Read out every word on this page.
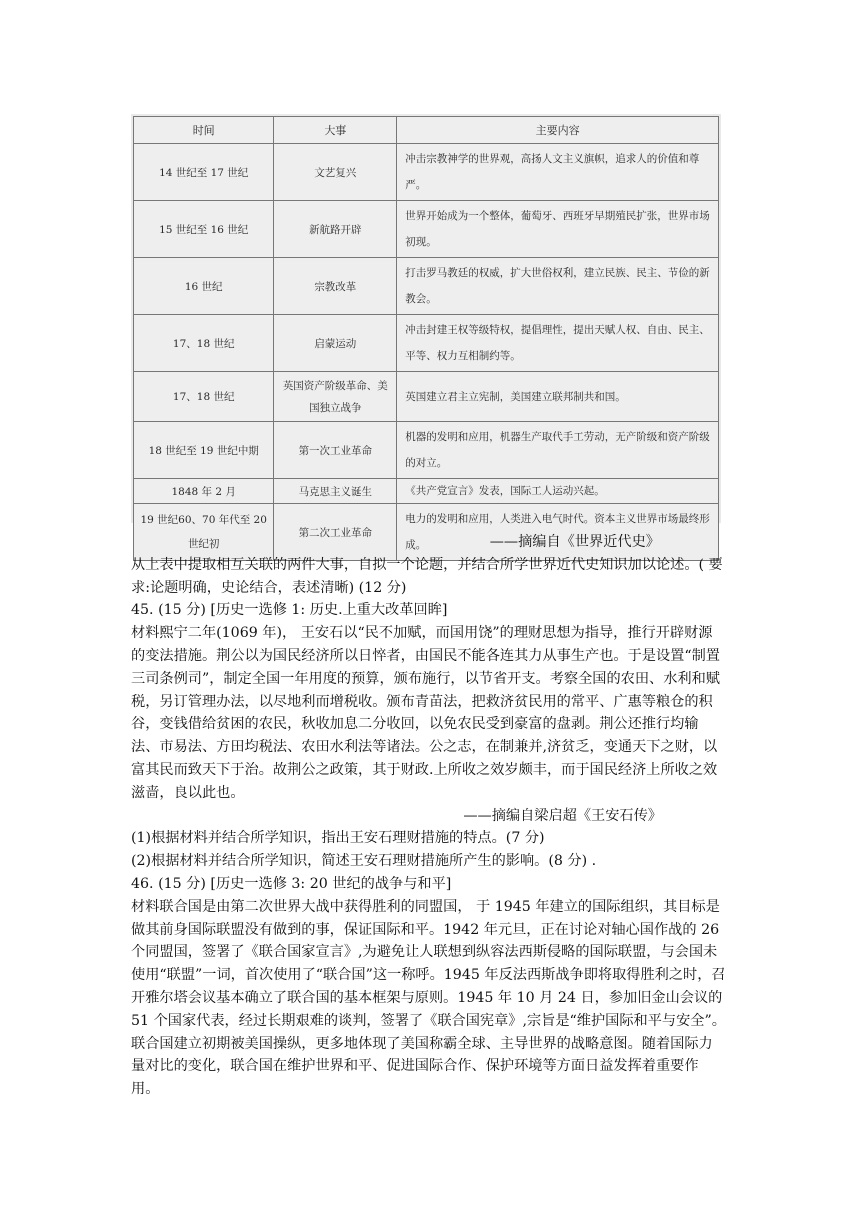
时间	大事	主要内容
14 世纪至 17 世纪	文艺复兴	冲击宗教神学的世界观，高扬人文主义旗帜，追求人的价值和尊严。
15 世纪至 16 世纪	新航路开辟	世界开始成为一个整体，葡萄牙、西班牙早期殖民扩张，世界市场初现。
16 世纪	宗教改革	打击罗马教廷的权威，扩大世俗权利，建立民族、民主、节俭的新教会。
17、18 世纪	启蒙运动	冲击封建王权等级特权，提倡理性，提出天赋人权、自由、民主、平等、权力互相制约等。
17、18 世纪	英国资产阶级革命、美国独立战争	英国建立君主立宪制，美国建立联邦制共和国。
18 世纪至 19 世纪中期	第一次工业革命	机器的发明和应用，机器生产取代手工劳动，无产阶级和资产阶级的对立。
1848 年 2 月	马克思主义诞生	《共产党宣言》发表，国际工人运动兴起。
19 世纪60、70 年代至 20 世纪初	第二次工业革命	电力的发明和应用，人类进入电气时代。资本主义世界市场最终形成。	——摘编自《世界近代史》

从上表中提取相互关联的两件大事，自拟一个论题，并结合所学世界近代史知识加以论述。( 要求:论题明确，史论结合，表述清晰) (12 分)

45. (15 分) [历史一选修 1: 历史.上重大改革回眸]

材料熙宁二年(1069 年)， 王安石以“民不加赋，而国用饶”的理财思想为指导，推行开辟财源的变法措施。荆公以为国民经济所以日悴者，由国民不能各连其力从事生产也。于是设置“制置三司条例司”，制定全国一年用度的预算，颁布施行，以节省开支。考察全国的农田、水利和赋税，另订管理办法，以尽地利而增税收。颁布青苗法，把救济贫民用的常平、广惠等粮仓的积谷，变钱借给贫困的农民，秋收加息二分收回，以免农民受到豪富的盘剥。荆公还推行均输法、市易法、方田均税法、农田水利法等诸法。公之志，在制兼并,济贫乏，变通天下之财，以富其民而致天下于治。故荆公之政策，其于财政.上所收之效岁颇丰，而于国民经济上所收之效滋啬，良以此也。

——摘编自梁启超《王安石传》

(1)根据材料并结合所学知识，指出王安石理财措施的特点。(7 分)

(2)根据材料并结合所学知识，简述王安石理财措施所产生的影响。(8 分) .

46. (15 分) [历史一选修 3: 20 世纪的战争与和平]

材料联合国是由第二次世界大战中获得胜利的同盟国， 于 1945 年建立的国际组织，其目标是做其前身国际联盟没有做到的事，保证国际和平。1942 年元旦，正在讨论对轴心国作战的 26 个同盟国，签署了《联合国家宣言》,为避免让人联想到纵容法西斯侵略的国际联盟，与会国未使用“联盟”一词，首次使用了“联合国”这一称呼。1945 年反法西斯战争即将取得胜利之时，召开雅尔塔会议基本确立了联合国的基本框架与原则。1945 年 10 月 24 日，参加旧金山会议的 51 个国家代表，经过长期艰难的谈判，签署了《联合国宪章》,宗旨是“维护国际和平与安全”。联合国建立初期被美国操纵，更多地体现了美国称霸全球、主导世界的战略意图。随着国际力量对比的变化，联合国在维护世界和平、促进国际合作、保护环境等方面日益发挥着重要作用。
